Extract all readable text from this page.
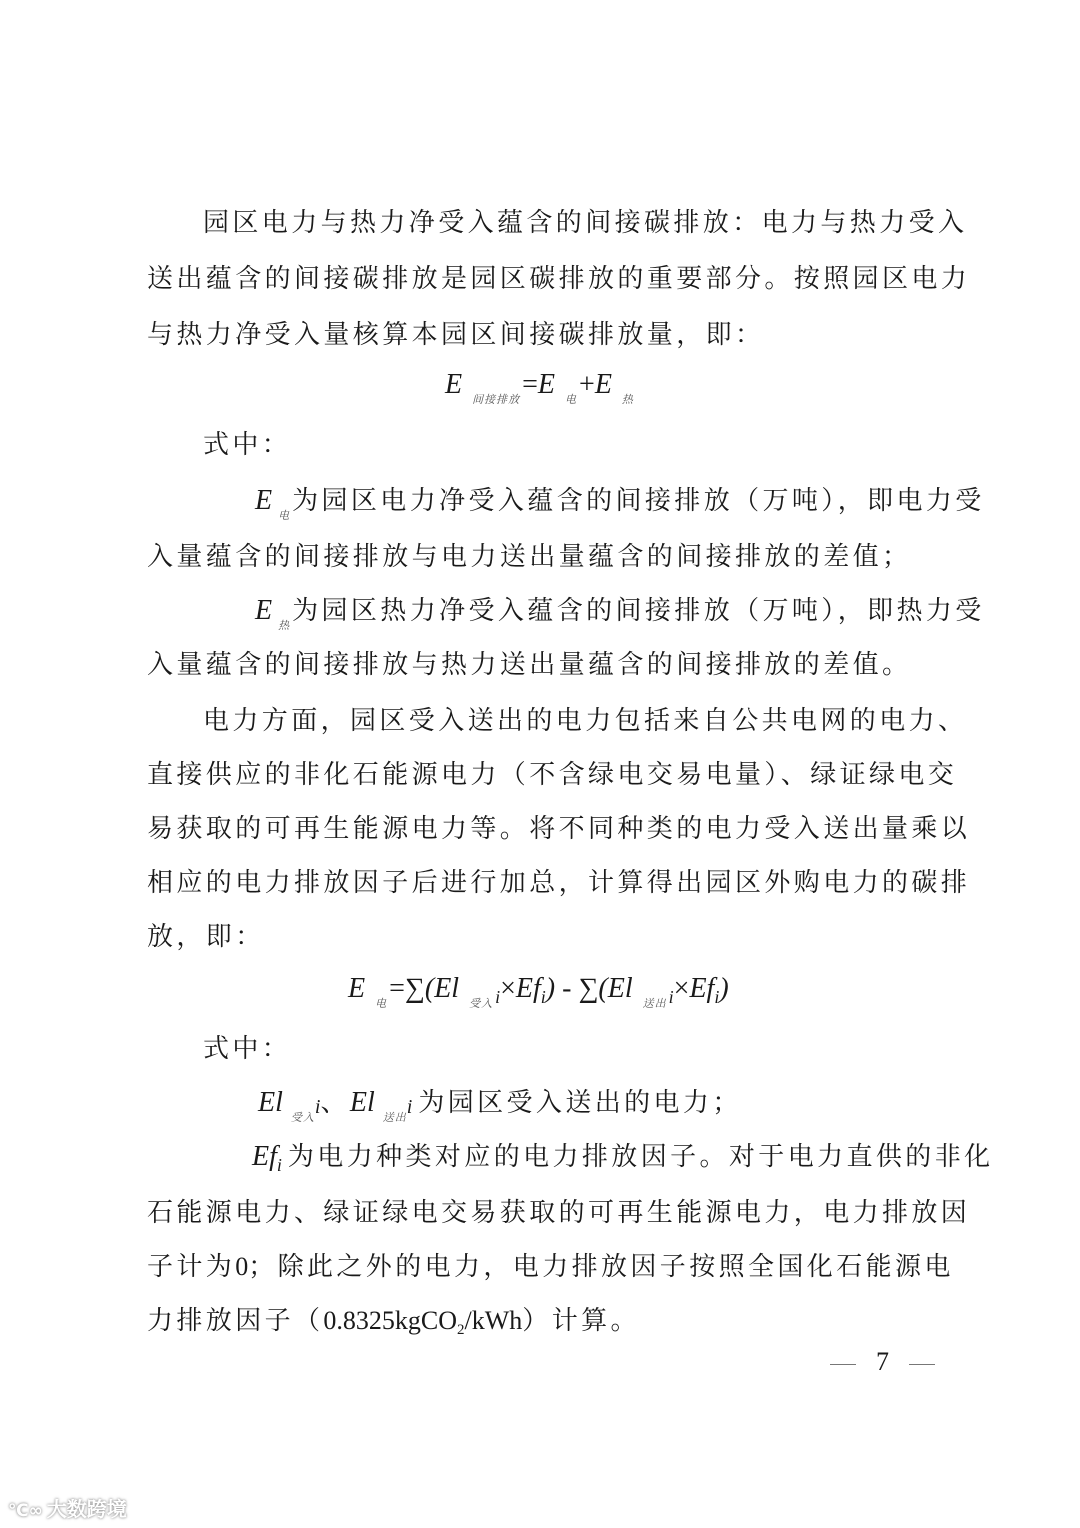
园区电力与热力净受入蕴含的间接碳排放：电力与热力受入
送出蕴含的间接碳排放是园区碳排放的重要部分。按照园区电力
与热力净受入量核算本园区间接碳排放量，即：
E $_{间接排放}$=E $_电$+E $_热$
式中：
E $_电$为园区电力净受入蕴含的间接排放（万吨），即电力受
入量蕴含的间接排放与电力送出量蕴含的间接排放的差值；
E $_热$为园区热力净受入蕴含的间接排放（万吨），即热力受
入量蕴含的间接排放与热力送出量蕴含的间接排放的差值。
电力方面，园区受入送出的电力包括来自公共电网的电力、
直接供应的非化石能源电力（不含绿电交易电量）、绿证绿电交
易获取的可再生能源电力等。将不同种类的电力受入送出量乘以
相应的电力排放因子后进行加总，计算得出园区外购电力的碳排
放，即：
E $_电$=∑(El $_{受入}$ $_i\times Ef_i) - \sum(El$ $_{送出}$ $_i\times Ef_i$)
式中：
El $_{受入}$i、El $_{送出}$i 为园区受入送出的电力；
$Ef_i$ 为电力种类对应的电力排放因子。对于电力直供的非化
石能源电力、绿证绿电交易获取的可再生能源电力，电力排放因
子计为0；除此之外的电力，电力排放因子按照全国化石能源电
力排放因子（0.8325kgCO2/kWh）计算。
7
℃∞ 大数跨境
